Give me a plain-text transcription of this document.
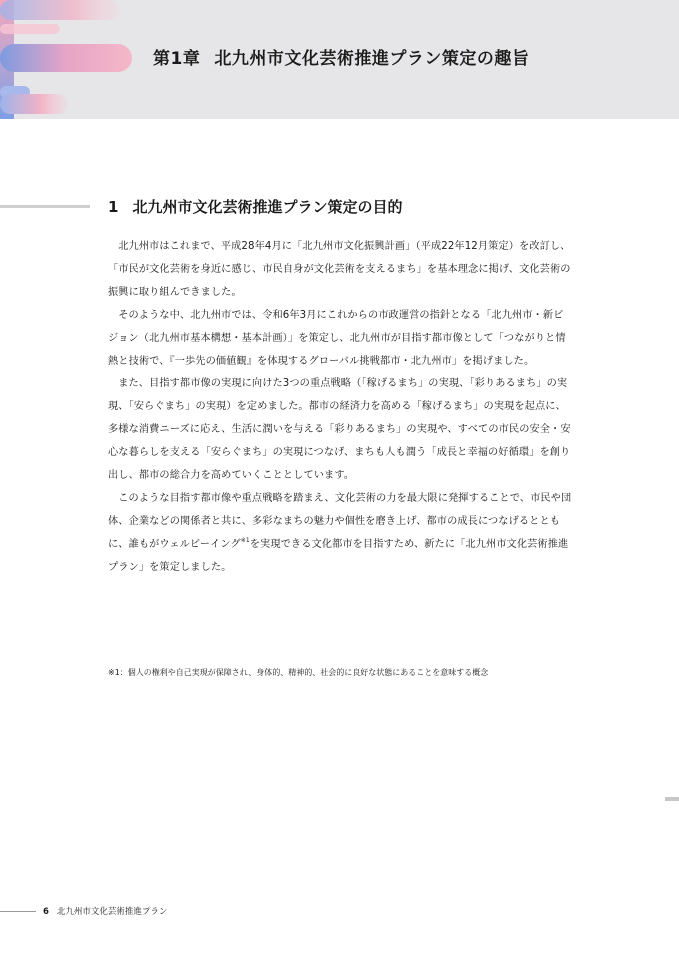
第1章 北九州市文化芸術推進プラン策定の趣旨
1 北九州市文化芸術推進プラン策定の目的

北九州市はこれまで、平成28年4月に「北九州市文化振興計画」（平成22年12月策定）を改訂し、「市民が文化芸術を身近に感じ、市民自身が文化芸術を支えるまち」を基本理念に掲げ、文化芸術の振興に取り組んできました。

そのような中、北九州市では、令和6年3月にこれからの市政運営の指針となる「北九州市・新ビジョン（北九州市基本構想・基本計画）」を策定し、北九州市が目指す都市像として「つながりと情熱と技術で、『一歩先の価値観』を体現するグローバル挑戦都市・北九州市」を掲げました。

また、目指す都市像の実現に向けた3つの重点戦略（「稼げるまち」の実現、「彩りあるまち」の実現、「安らぐまち」の実現）を定めました。都市の経済力を高める「稼げるまち」の実現を起点に、多様な消費ニーズに応え、生活に潤いを与える「彩りあるまち」の実現や、すべての市民の安全・安心な暮らしを支える「安らぐまち」の実現につなげ、まちも人も潤う「成長と幸福の好循環」を創り出し、都市の総合力を高めていくこととしています。

このような目指す都市像や重点戦略を踏まえ、文化芸術の力を最大限に発揮することで、市民や団体、企業などの関係者と共に、多彩なまちの魅力や個性を磨き上げ、都市の成長につなげるとともに、誰もがウェルビーイング$^{※1}$を実現できる文化都市を目指すため、新たに「北九州市文化芸術推進プラン」を策定しました。

※1：個人の権利や自己実現が保障され、身体的、精神的、社会的に良好な状態にあることを意味する概念
6 北九州市文化芸術推進プラン
